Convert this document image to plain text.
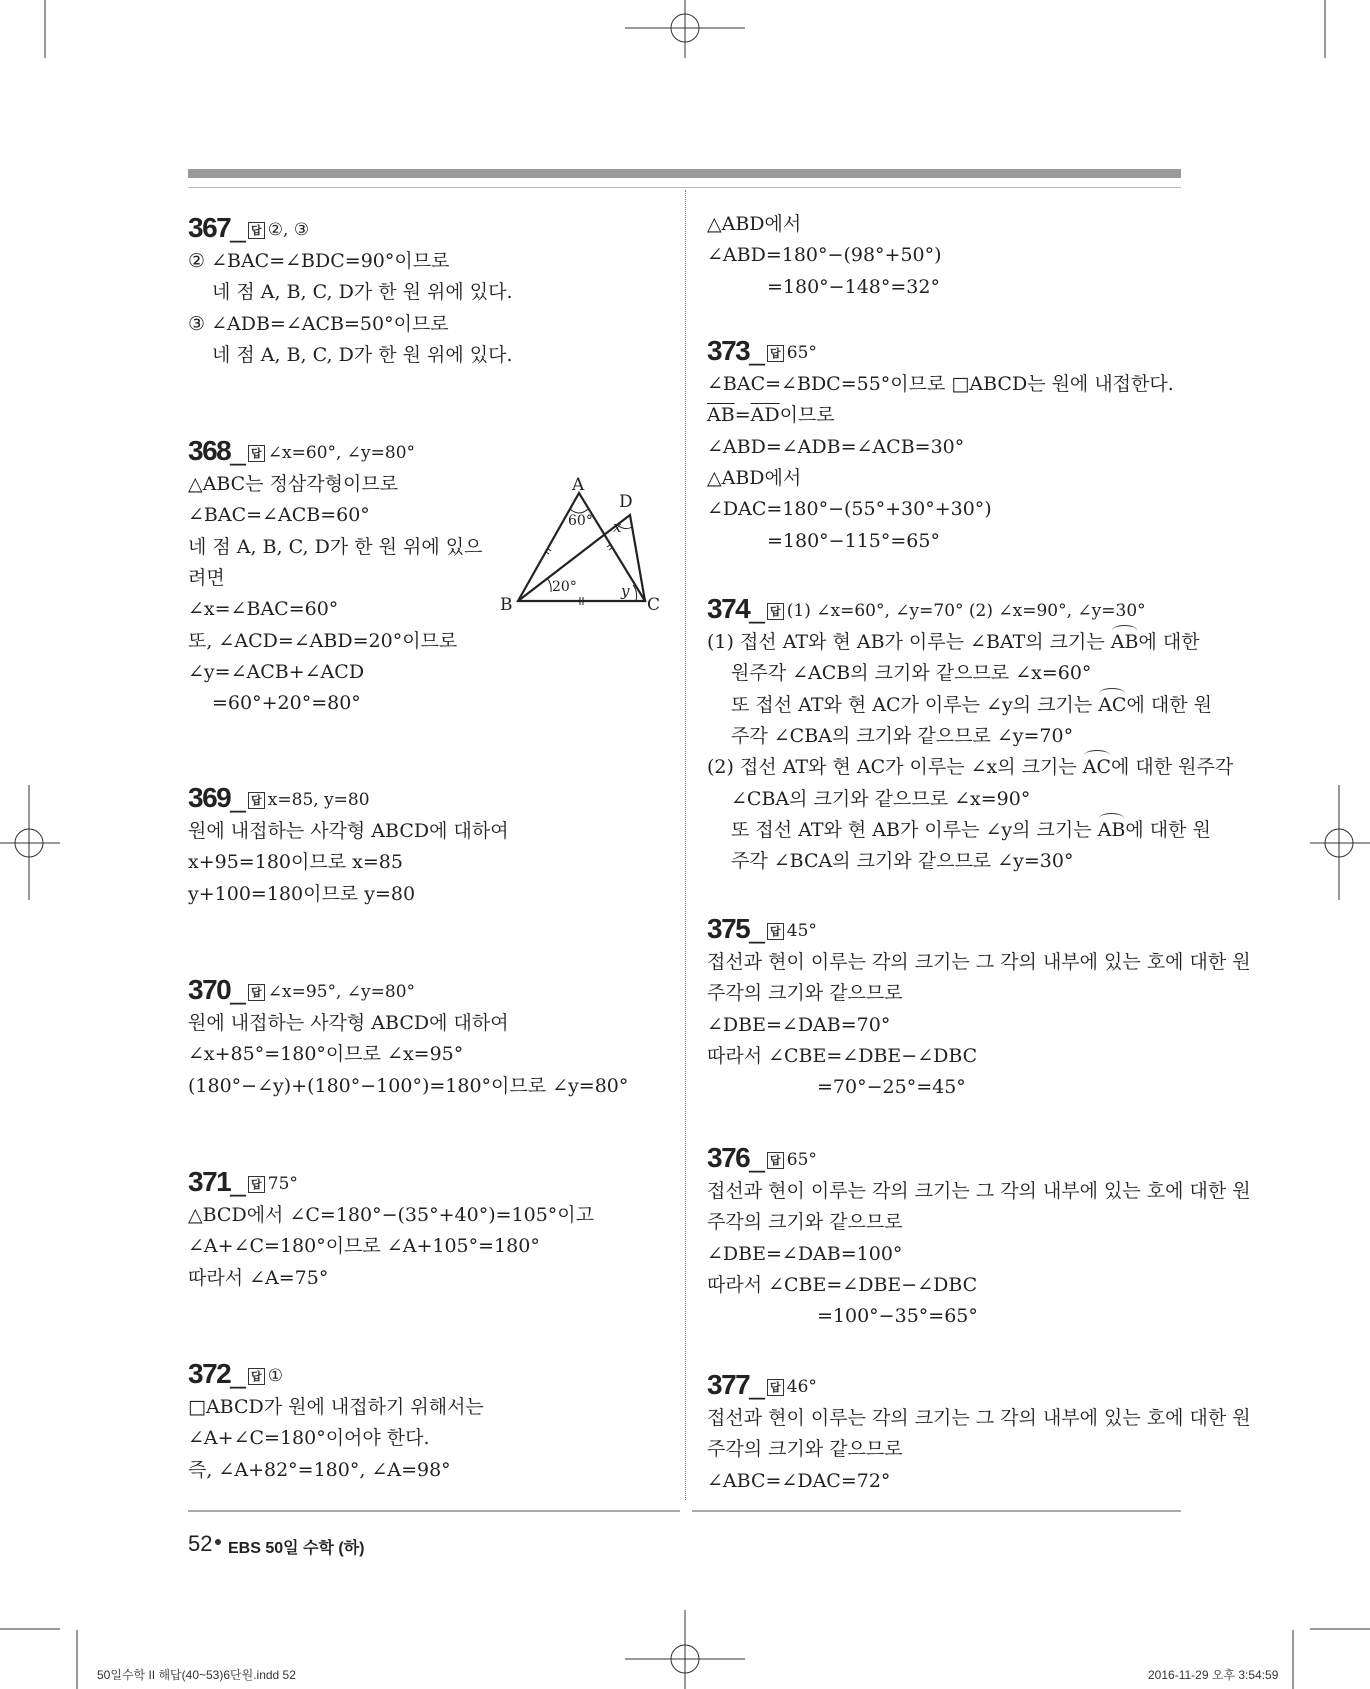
367_ 답 ②, ③
② ∠BAC=∠BDC=90°이므로
네 점 A, B, C, D가 한 원 위에 있다.
③ ∠ADB=∠ACB=50°이므로
네 점 A, B, C, D가 한 원 위에 있다.
368_ 답 ∠x=60°, ∠y=80°
△ABC는 정삼각형이므로
∠BAC=∠ACB=60°
네 점 A, B, C, D가 한 원 위에 있으
려면
∠x=∠BAC=60°
또, ∠ACD=∠ABD=20°이므로
∠y=∠ACB+∠ACD
=60°+20°=80°
369_ 답 x=85, y=80
원에 내접하는 사각형 ABCD에 대하여
x+95=180이므로 x=85
y+100=180이므로 y=80
370_ 답 ∠x=95°, ∠y=80°
원에 내접하는 사각형 ABCD에 대하여
∠x+85°=180°이므로 ∠x=95°
(180°−∠y)+(180°−100°)=180°이므로 ∠y=80°
371_ 답 75°
△BCD에서 ∠C=180°−(35°+40°)=105°이고
∠A+∠C=180°이므로 ∠A+105°=180°
따라서 ∠A=75°
372_ 답 ①
□ABCD가 원에 내접하기 위해서는
∠A+∠C=180°이어야 한다.
즉, ∠A+82°=180°, ∠A=98°
△ABD에서
∠ABD=180°−(98°+50°)
=180°−148°=32°
373_ 답 65°
∠BAC=∠BDC=55°이므로 □ABCD는 원에 내접한다.
$\overline{AB}=\overline{AD}$이므로
∠ABD=∠ADB=∠ACB=30°
△ABD에서
∠DAC=180°−(55°+30°+30°)
=180°−115°=65°
374_ 답 (1) ∠x=60°, ∠y=70° (2) ∠x=90°, ∠y=30°
(1) 접선 AT와 현 AB가 이루는 ∠BAT의 크기는 AB에 대한
원주각 ∠ACB의 크기와 같으므로 ∠x=60°
또 접선 AT와 현 AC가 이루는 ∠y의 크기는 AC에 대한 원
주각 ∠CBA의 크기와 같으므로 ∠y=70°
(2) 접선 AT와 현 AC가 이루는 ∠x의 크기는 AC에 대한 원주각
∠CBA의 크기와 같으므로 ∠x=90°
또 접선 AT와 현 AB가 이루는 ∠y의 크기는 AB에 대한 원
주각 ∠BCA의 크기와 같으므로 ∠y=30°
375_ 답 45°
접선과 현이 이루는 각의 크기는 그 각의 내부에 있는 호에 대한 원
주각의 크기와 같으므로
∠DBE=∠DAB=70°
따라서 ∠CBE=∠DBE−∠DBC
=70°−25°=45°
376_ 답 65°
접선과 현이 이루는 각의 크기는 그 각의 내부에 있는 호에 대한 원
주각의 크기와 같으므로
∠DBE=∠DAB=100°
따라서 ∠CBE=∠DBE−∠DBC
=100°−35°=65°
377_ 답 46°
접선과 현이 이루는 각의 크기는 그 각의 내부에 있는 호에 대한 원
주각의 크기와 같으므로
∠ABC=∠DAC=72°
A
D
B	C
60°
20°
x
y
52 EBS 50일 수학 (하)
50일수학 II 해답(40~53)6단원.indd 52	2016-11-29 오후 3:54:59
